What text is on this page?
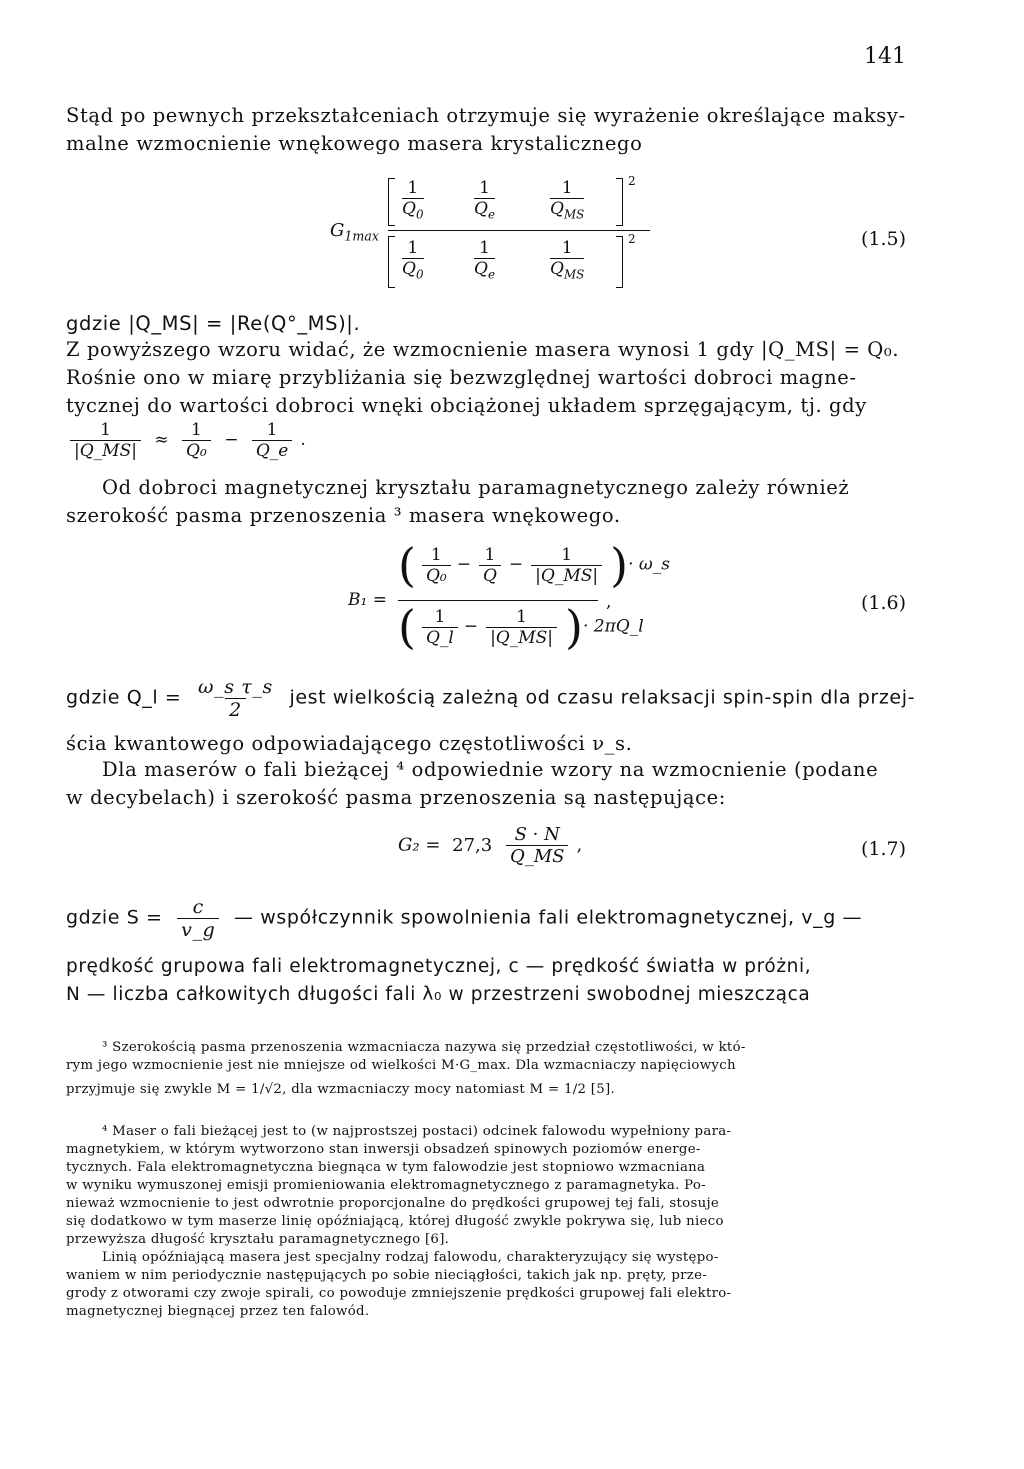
141
Stąd po pewnych przekształceniach otrzymuje się wyrażenie określające maksy-
malne wzmocnienie wnękowego masera krystalicznego
$G_{1max}$
1
$Q_0$
1
$Q_e$
1
$Q_{MS}$
2
1
$Q_0$
1
$Q_e$
1
$Q_{MS}$
2	(1.5)
gdzie |Q_MS| = |Re(Q°_MS)|.
Z powyższego wzoru widać, że wzmocnienie masera wynosi 1 gdy |Q_MS| = Q₀.
Rośnie ono w miarę przybliżania się bezwzględnej wartości dobroci magne-
tycznej do wartości dobroci wnęki obciążonej układem sprzęgającym, tj. gdy
$\frac{1}{|Q\_MS|} \approx \frac{1}{\text{Q₀}} - \frac{1}{Q\_e}$ .
Od dobroci magnetycznej kryształu paramagnetycznego zależy również
szerokość pasma przenoszenia ³ masera wnękowego.
B₁ =
( $\frac{1}{\text{Q₀}} - \frac{1}{Q} - \frac{1}{|Q\_MS|}$ )· ω_s
( $\frac{1}{Q\_l} - \frac{1}{|Q\_MS|}$ )· 2πQ_l
,	(1.6)
gdzie Q_l = $\frac{\text{ω\_s τ\_s}}{2}$ jest wielkością zależną od czasu relaksacji spin-spin dla przej-
ścia kwantowego odpowiadającego częstotliwości ν_s.
Dla maserów o fali bieżącej ⁴ odpowiednie wzory na wzmocnienie (podane
w decybelach) i szerokość pasma przenoszenia są następujące:
$G_2 = 27,3 \frac{S \cdot N}{Q\_MS}$ ,	(1.7)
gdzie $S = \frac{c}{v\_g}$ — współczynnik spowolnienia fali elektromagnetycznej, v_g —
prędkość grupowa fali elektromagnetycznej, c — prędkość światła w próżni,
N — liczba całkowitych długości fali λ₀ w przestrzeni swobodnej mieszcząca
³ Szerokością pasma przenoszenia wzmacniacza nazywa się przedział częstotliwości, w któ-
rym jego wzmocnienie jest nie mniejsze od wielkości M·G_max. Dla wzmacniaczy napięciowych
przyjmuje się zwykle M = 1/√2, dla wzmacniaczy mocy natomiast M = 1/2 [5].
⁴ Maser o fali bieżącej jest to (w najprostszej postaci) odcinek falowodu wypełniony para-
magnetykiem, w którym wytworzono stan inwersji obsadzeń spinowych poziomów energe-
tycznych. Fala elektromagnetyczna biegnąca w tym falowodzie jest stopniowo wzmacniana
w wyniku wymuszonej emisji promieniowania elektromagnetycznego z paramagnetyka. Po-
nieważ wzmocnienie to jest odwrotnie proporcjonalne do prędkości grupowej tej fali, stosuje
się dodatkowo w tym maserze linię opóźniającą, której długość zwykle pokrywa się, lub nieco
przewyższa długość kryształu paramagnetycznego [6].
Linią opóźniającą masera jest specjalny rodzaj falowodu, charakteryzujący się występo-
waniem w nim periodycznie następujących po sobie nieciągłości, takich jak np. pręty, prze-
grody z otworami czy zwoje spirali, co powoduje zmniejszenie prędkości grupowej fali elektro-
magnetycznej biegnącej przez ten falowód.
